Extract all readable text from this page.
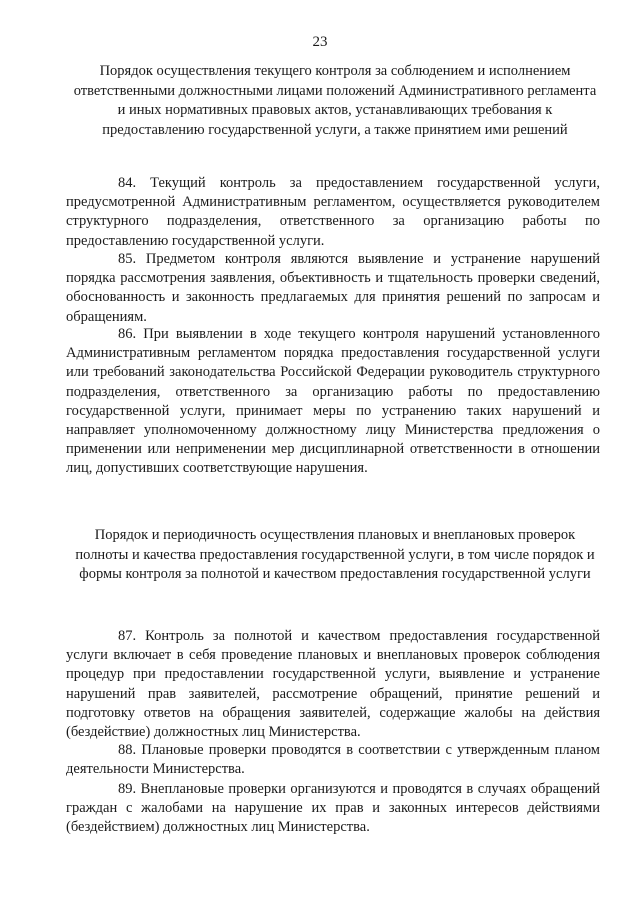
23
Порядок осуществления текущего контроля за соблюдением и исполнением ответственными должностными лицами положений Административного регламента и иных нормативных правовых актов, устанавливающих требования к предоставлению государственной услуги, а также принятием ими решений

84. Текущий контроль за предоставлением государственной услуги, предусмотренной Административным регламентом, осуществляется руководителем структурного подразделения, ответственного за организацию работы по предоставлению государственной услуги.

85. Предметом контроля являются выявление и устранение нарушений порядка рассмотрения заявления, объективность и тщательность проверки сведений, обоснованность и законность предлагаемых для принятия решений по запросам и обращениям.

86. При выявлении в ходе текущего контроля нарушений установленного Административным регламентом порядка предоставления государственной услуги или требований законодательства Российской Федерации руководитель структурного подразделения, ответственного за организацию работы по предоставлению государственной услуги, принимает меры по устранению таких нарушений и направляет уполномоченному должностному лицу Министерства предложения о применении или неприменении мер дисциплинарной ответственности в отношении лиц, допустивших соответствующие нарушения.

Порядок и периодичность осуществления плановых и внеплановых проверок полноты и качества предоставления государственной услуги, в том числе порядок и формы контроля за полнотой и качеством предоставления государственной услуги

87. Контроль за полнотой и качеством предоставления государственной услуги включает в себя проведение плановых и внеплановых проверок соблюдения процедур при предоставлении государственной услуги, выявление и устранение нарушений прав заявителей, рассмотрение обращений, принятие решений и подготовку ответов на обращения заявителей, содержащие жалобы на действия (бездействие) должностных лиц Министерства.

88. Плановые проверки проводятся в соответствии с утвержденным планом деятельности Министерства.

89. Внеплановые проверки организуются и проводятся в случаях обращений граждан с жалобами на нарушение их прав и законных интересов действиями (бездействием) должностных лиц Министерства.
